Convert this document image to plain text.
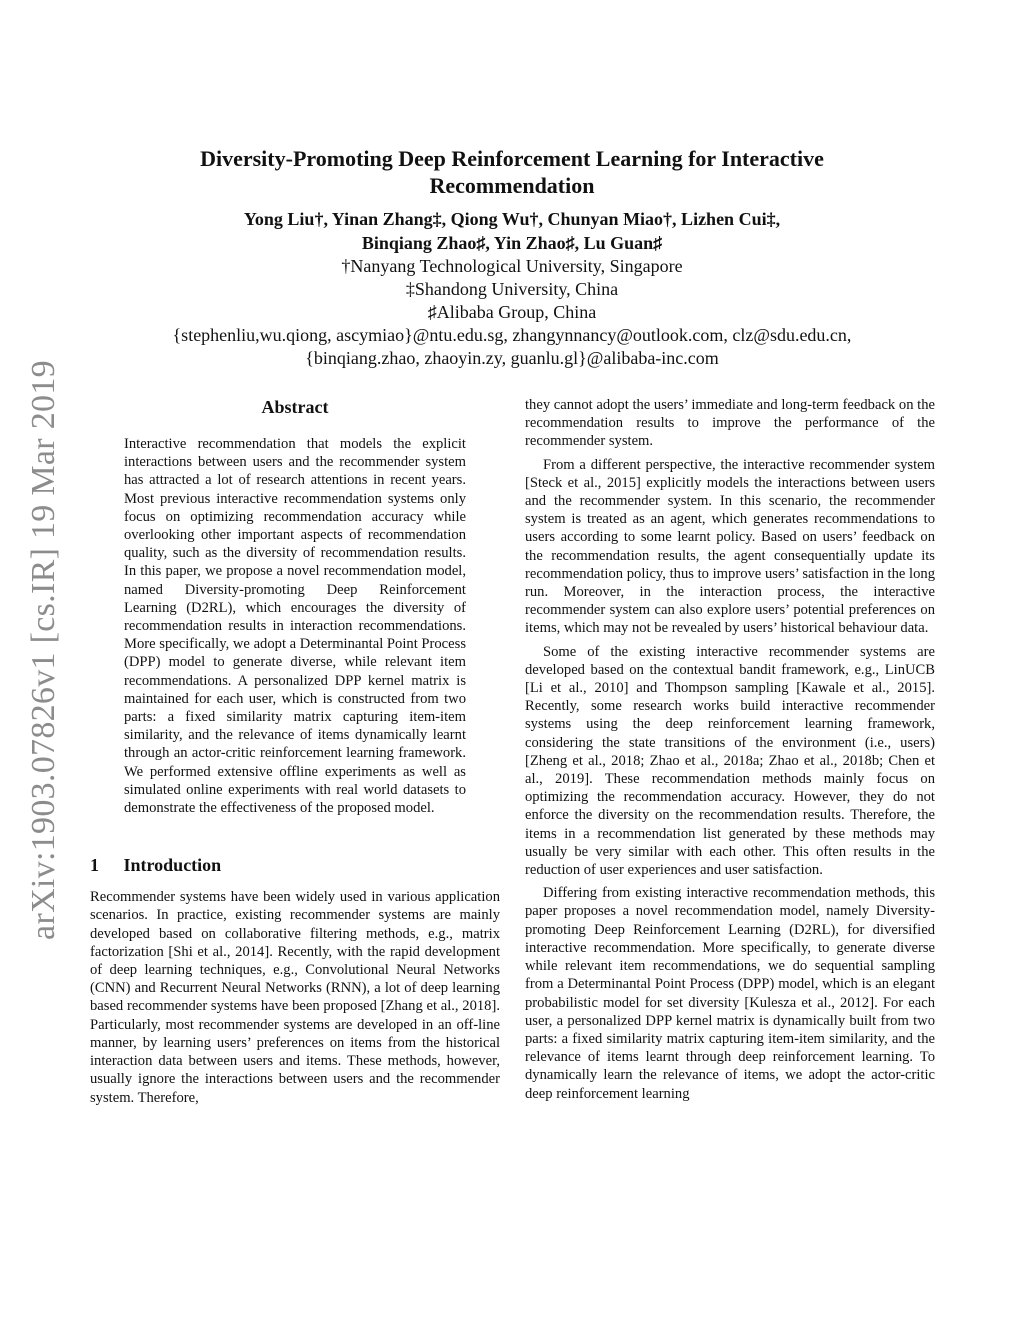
arXiv:1903.07826v1 [cs.IR] 19 Mar 2019
Diversity-Promoting Deep Reinforcement Learning for Interactive
Recommendation
Yong Liu†, Yinan Zhang‡, Qiong Wu†, Chunyan Miao†, Lizhen Cui‡,
Binqiang Zhao♯, Yin Zhao♯, Lu Guan♯
†Nanyang Technological University, Singapore
‡Shandong University, China
♯Alibaba Group, China
{stephenliu,wu.qiong, ascymiao}@ntu.edu.sg, zhangynnancy@outlook.com, clz@sdu.edu.cn,
{binqiang.zhao, zhaoyin.zy, guanlu.gl}@alibaba-inc.com
Abstract

Interactive recommendation that models the explicit interactions between users and the recommender system has attracted a lot of research attentions in recent years. Most previous interactive recommendation systems only focus on optimizing recommendation accuracy while overlooking other important aspects of recommendation quality, such as the diversity of recommendation results. In this paper, we propose a novel recommendation model, named Diversity-promoting Deep Reinforcement Learning (D2RL), which encourages the diversity of recommendation results in interaction recommendations. More specifically, we adopt a Determinantal Point Process (DPP) model to generate diverse, while relevant item recommendations. A personalized DPP kernel matrix is maintained for each user, which is constructed from two parts: a fixed similarity matrix capturing item-item similarity, and the relevance of items dynamically learnt through an actor-critic reinforcement learning framework. We performed extensive offline experiments as well as simulated online experiments with real world datasets to demonstrate the effectiveness of the proposed model.

1 Introduction

Recommender systems have been widely used in various application scenarios. In practice, existing recommender systems are mainly developed based on collaborative filtering methods, e.g., matrix factorization [Shi et al., 2014]. Recently, with the rapid development of deep learning techniques, e.g., Convolutional Neural Networks (CNN) and Recurrent Neural Networks (RNN), a lot of deep learning based recommender systems have been proposed [Zhang et al., 2018]. Particularly, most recommender systems are developed in an off-line manner, by learning users’ preferences on items from the historical interaction data between users and items. These methods, however, usually ignore the interactions between users and the recommender system. Therefore,

they cannot adopt the users’ immediate and long-term feedback on the recommendation results to improve the performance of the recommender system.

From a different perspective, the interactive recommender system [Steck et al., 2015] explicitly models the interactions between users and the recommender system. In this scenario, the recommender system is treated as an agent, which generates recommendations to users according to some learnt policy. Based on users’ feedback on the recommendation results, the agent consequentially update its recommendation policy, thus to improve users’ satisfaction in the long run. Moreover, in the interaction process, the interactive recommender system can also explore users’ potential preferences on items, which may not be revealed by users’ historical behaviour data.

Some of the existing interactive recommender systems are developed based on the contextual bandit framework, e.g., LinUCB [Li et al., 2010] and Thompson sampling [Kawale et al., 2015]. Recently, some research works build interactive recommender systems using the deep reinforcement learning framework, considering the state transitions of the environment (i.e., users) [Zheng et al., 2018; Zhao et al., 2018a; Zhao et al., 2018b; Chen et al., 2019]. These recommendation methods mainly focus on optimizing the recommendation accuracy. However, they do not enforce the diversity on the recommendation results. Therefore, the items in a recommendation list generated by these methods may usually be very similar with each other. This often results in the reduction of user experiences and user satisfaction.

Differing from existing interactive recommendation methods, this paper proposes a novel recommendation model, namely Diversity-promoting Deep Reinforcement Learning (D2RL), for diversified interactive recommendation. More specifically, to generate diverse while relevant item recommendations, we do sequential sampling from a Determinantal Point Process (DPP) model, which is an elegant probabilistic model for set diversity [Kulesza et al., 2012]. For each user, a personalized DPP kernel matrix is dynamically built from two parts: a fixed similarity matrix capturing item-item similarity, and the relevance of items learnt through deep reinforcement learning. To dynamically learn the relevance of items, we adopt the actor-critic deep reinforcement learning
